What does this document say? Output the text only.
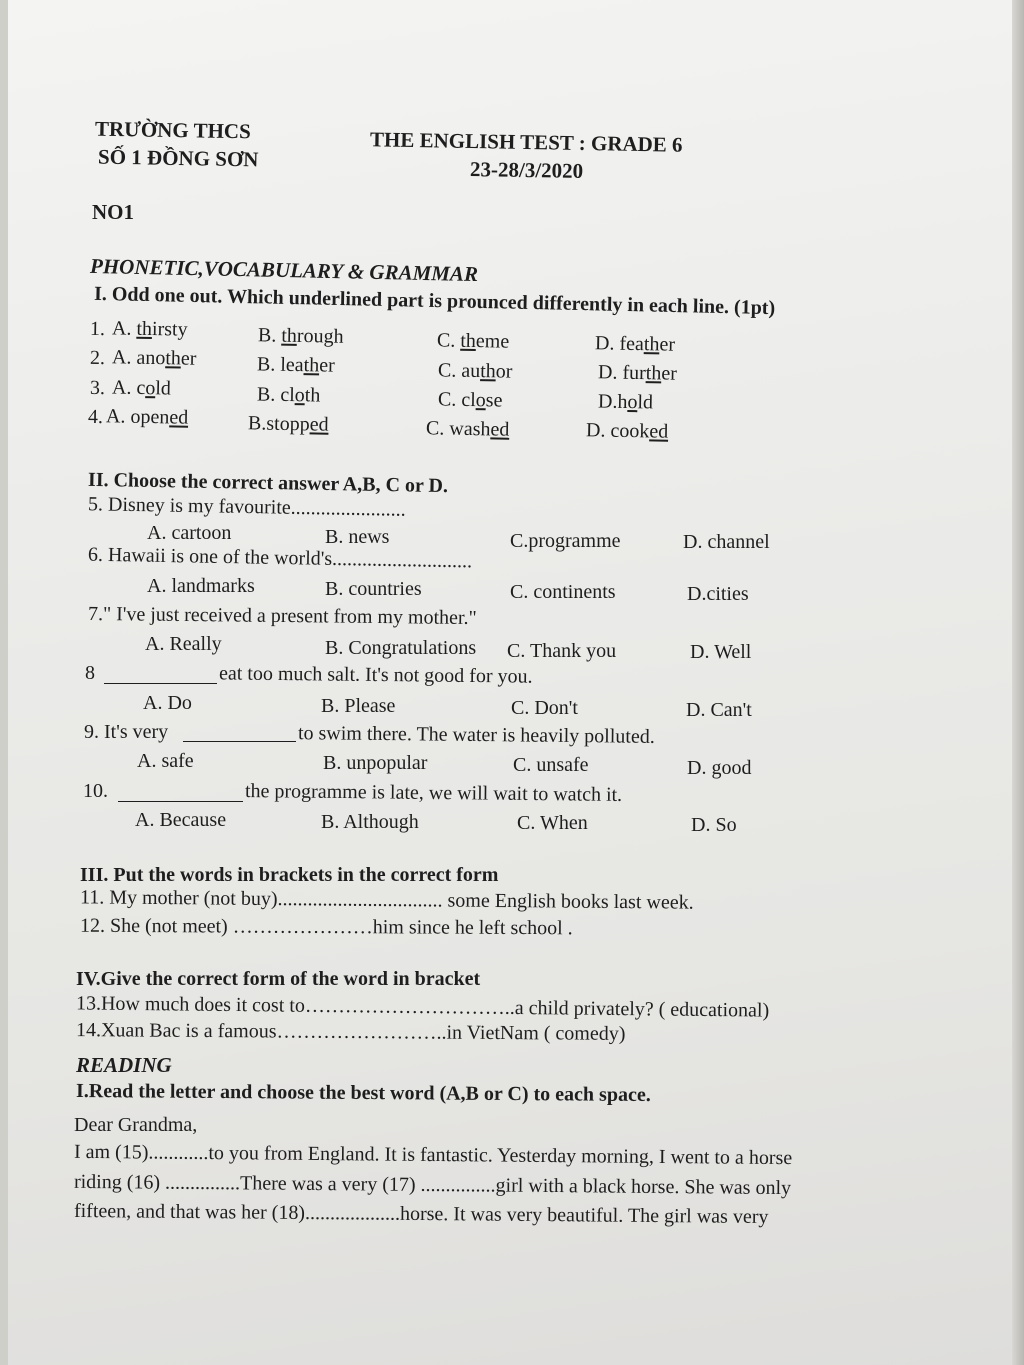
TRƯỜNG THCS
SỐ 1 ĐỒNG SƠN
THE ENGLISH TEST : GRADE 6
23-28/3/2020
NO1
PHONETIC,VOCABULARY & GRAMMAR
I. Odd one out. Which underlined part is prounced differently in each line. (1pt)
1. A. thirsty	B. through	C. theme	D. feather
2. A. another	B. leather	C. author	D. further
3. A. cold	B. cloth	C. close	D.hold
4. A. opened	B.stopped	C. washed	D. cooked
II. Choose the correct answer A,B, C or D.
5. Disney is my favourite.......................
A. cartoon	B. news	C.programme	D. channel
6. Hawaii is one of the world's............................
A. landmarks	B. countries	C. continents	D.cities
7." I've just received a present from my mother."
A. Really	B. Congratulations C. Thank you	D. Well
8	eat too much salt. It's not good for you.
A. Do	B. Please	C. Don't	D. Can't
9. It's very	to swim there. The water is heavily polluted.
A. safe	B. unpopular	C. unsafe	D. good
10.	the programme is late, we will wait to watch it.
A. Because	B. Although	C. When	D. So
III. Put the words in brackets in the correct form
11. My mother (not buy)................................. some English books last week.
12. She (not meet) …………………him since he left school .
IV.Give the correct form of the word in bracket
13.How much does it cost to…………………………..a child privately? ( educational)
14.Xuan Bac is a famous……………………..in VietNam ( comedy)
READING
I.Read the letter and choose the best word (A,B or C) to each space.
Dear Grandma,
I am (15)............to you from England. It is fantastic. Yesterday morning, I went to a horse
riding (16) ...............There was a very (17) ...............girl with a black horse. She was only
fifteen, and that was her (18)...................horse. It was very beautiful. The girl was very
